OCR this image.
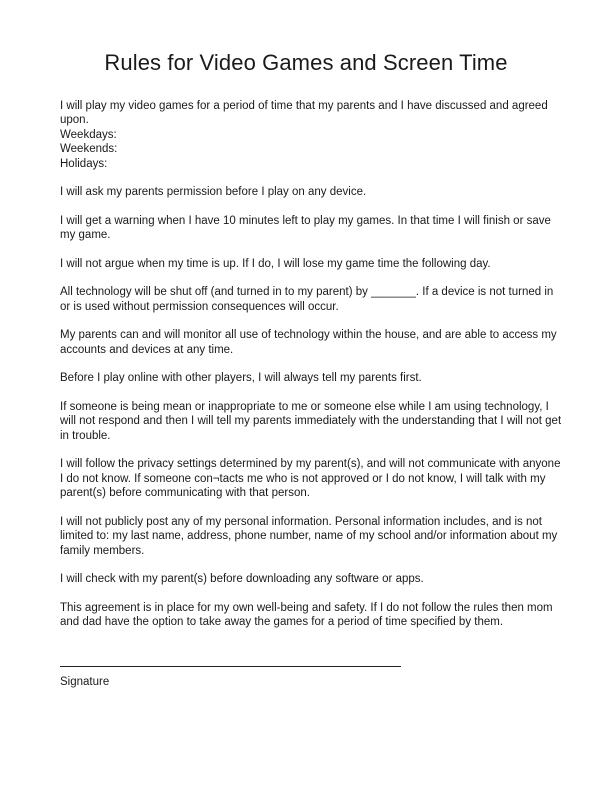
Rules for Video Games and Screen Time

I will play my video games for a period of time that my parents and I have discussed and agreed upon.
Weekdays:
Weekends:
Holidays:

I will ask my parents permission before I play on any device.

I will get a warning when I have 10 minutes left to play my games. In that time I will finish or save my game.

I will not argue when my time is up. If I do, I will lose my game time the following day.

All technology will be shut off (and turned in to my parent) by _______. If a device is not turned in or is used without permission consequences will occur.

My parents can and will monitor all use of technology within the house, and are able to access my accounts and devices at any time.

Before I play online with other players, I will always tell my parents first.

If someone is being mean or inappropriate to me or someone else while I am using technology, I will not respond and then I will tell my parents immediately with the understanding that I will not get in trouble.

I will follow the privacy settings determined by my parent(s), and will not communicate with anyone I do not know. If someone con¬tacts me who is not approved or I do not know, I will talk with my parent(s) before communicating with that person.

I will not publicly post any of my personal information. Personal information includes, and is not limited to: my last name, address, phone number, name of my school and/or information about my family members.

I will check with my parent(s) before downloading any software or apps.

This agreement is in place for my own well-being and safety. If I do not follow the rules then mom and dad have the option to take away the games for a period of time specified by them.

Signature
